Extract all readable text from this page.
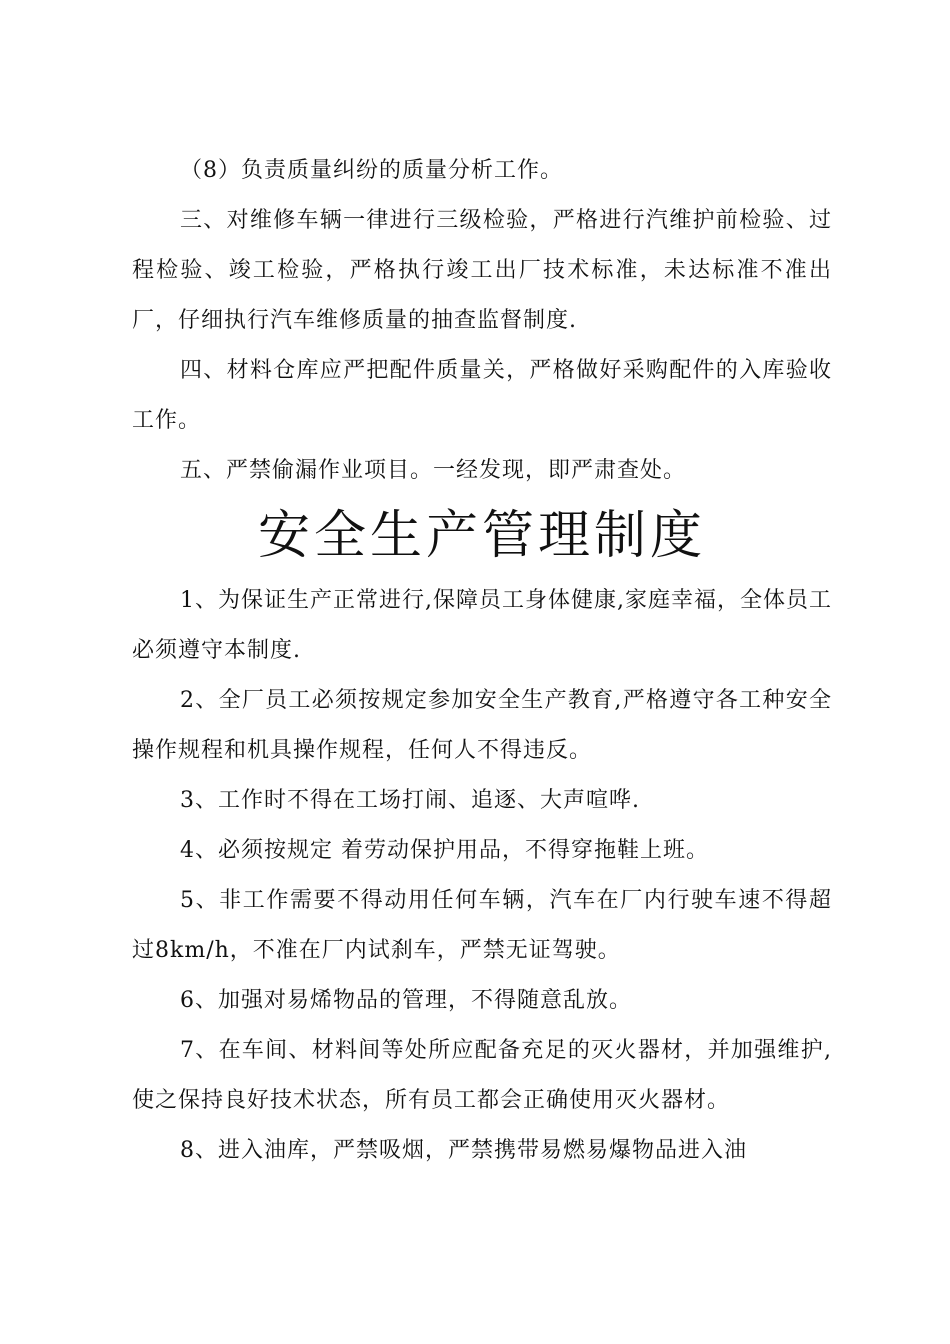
（8）负责质量纠纷的质量分析工作。

三、对维修车辆一律进行三级检验，严格进行汽维护前检验、过程检验、竣工检验，严格执行竣工出厂技术标准，未达标准不准出厂，仔细执行汽车维修质量的抽查监督制度.

四、材料仓库应严把配件质量关，严格做好采购配件的入库验收工作。

五、严禁偷漏作业项目。一经发现，即严肃查处。

安全生产管理制度

1、为保证生产正常进行,保障员工身体健康,家庭幸福，全体员工必须遵守本制度.

2、全厂员工必须按规定参加安全生产教育,严格遵守各工种安全操作规程和机具操作规程，任何人不得违反。

3、工作时不得在工场打闹、追逐、大声喧哗.

4、必须按规定 着劳动保护用品，不得穿拖鞋上班。

5、非工作需要不得动用任何车辆，汽车在厂内行驶车速不得超过8km/h，不准在厂内试刹车，严禁无证驾驶。

6、加强对易烯物品的管理，不得随意乱放。

7、在车间、材料间等处所应配备充足的灭火器材，并加强维护,使之保持良好技术状态，所有员工都会正确使用灭火器材。

8、进入油库，严禁吸烟，严禁携带易燃易爆物品进入油
